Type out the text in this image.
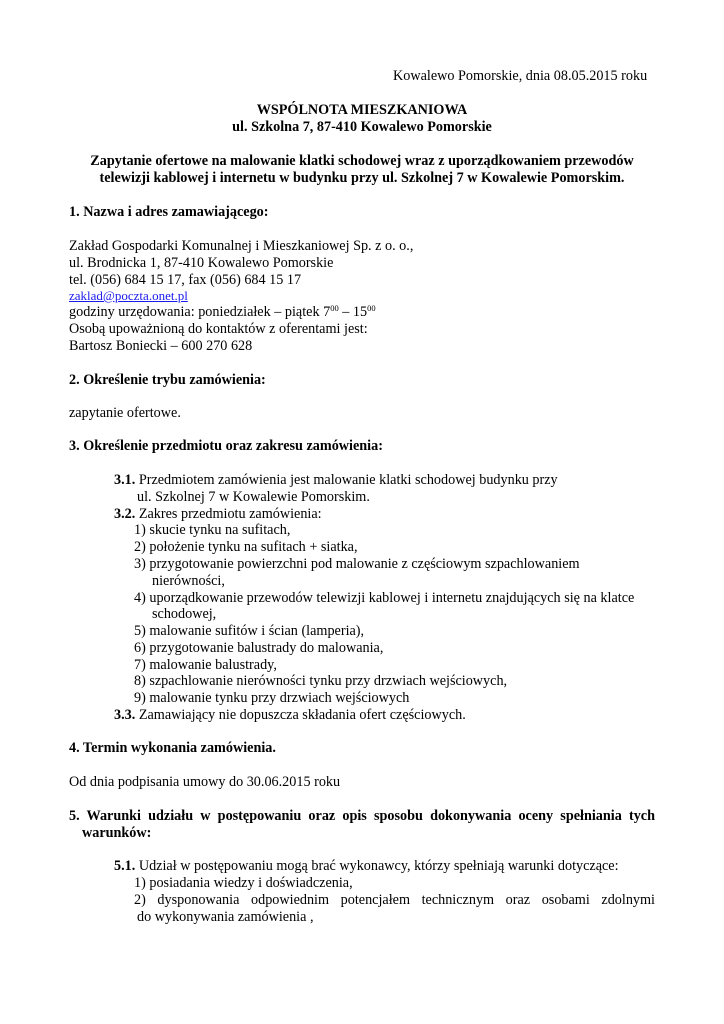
Kowalewo Pomorskie, dnia 08.05.2015 roku
WSPÓLNOTA MIESZKANIOWA
ul. Szkolna 7, 87-410 Kowalewo Pomorskie
Zapytanie ofertowe na malowanie klatki schodowej wraz z uporządkowaniem przewodów
telewizji kablowej i internetu w budynku przy ul. Szkolnej 7 w Kowalewie Pomorskim.
1. Nazwa i adres zamawiającego:
Zakład Gospodarki Komunalnej i Mieszkaniowej Sp. z o. o.,
ul. Brodnicka 1, 87-410 Kowalewo Pomorskie
tel. (056) 684 15 17, fax (056) 684 15 17
zaklad@poczta.onet.pl
godziny urzędowania: poniedziałek – piątek $7^{00} - 15^{00}$
Osobą upoważnioną do kontaktów z oferentami jest:
Bartosz Boniecki – 600 270 628
2. Określenie trybu zamówienia:
zapytanie ofertowe.
3. Określenie przedmiotu oraz zakresu zamówienia:
3.1. Przedmiotem zamówienia jest malowanie klatki schodowej budynku przy
ul. Szkolnej 7 w Kowalewie Pomorskim.
3.2. Zakres przedmiotu zamówienia:
1) skucie tynku na sufitach,
2) położenie tynku na sufitach + siatka,
3) przygotowanie powierzchni pod malowanie z częściowym szpachlowaniem
nierówności,
4) uporządkowanie przewodów telewizji kablowej i internetu znajdujących się na klatce
schodowej,
5) malowanie sufitów i ścian (lamperia),
6) przygotowanie balustrady do malowania,
7) malowanie balustrady,
8) szpachlowanie nierówności tynku przy drzwiach wejściowych,
9) malowanie tynku przy drzwiach wejściowych
3.3. Zamawiający nie dopuszcza składania ofert częściowych.
4. Termin wykonania zamówienia.
Od dnia podpisania umowy do 30.06.2015 roku
5. Warunki udziału w postępowaniu oraz opis sposobu dokonywania oceny spełniania tych
warunków:
5.1. Udział w postępowaniu mogą brać wykonawcy, którzy spełniają warunki dotyczące:
1) posiadania wiedzy i doświadczenia,
2) dysponowania odpowiednim potencjałem technicznym oraz osobami zdolnymi
do wykonywania zamówienia ,
